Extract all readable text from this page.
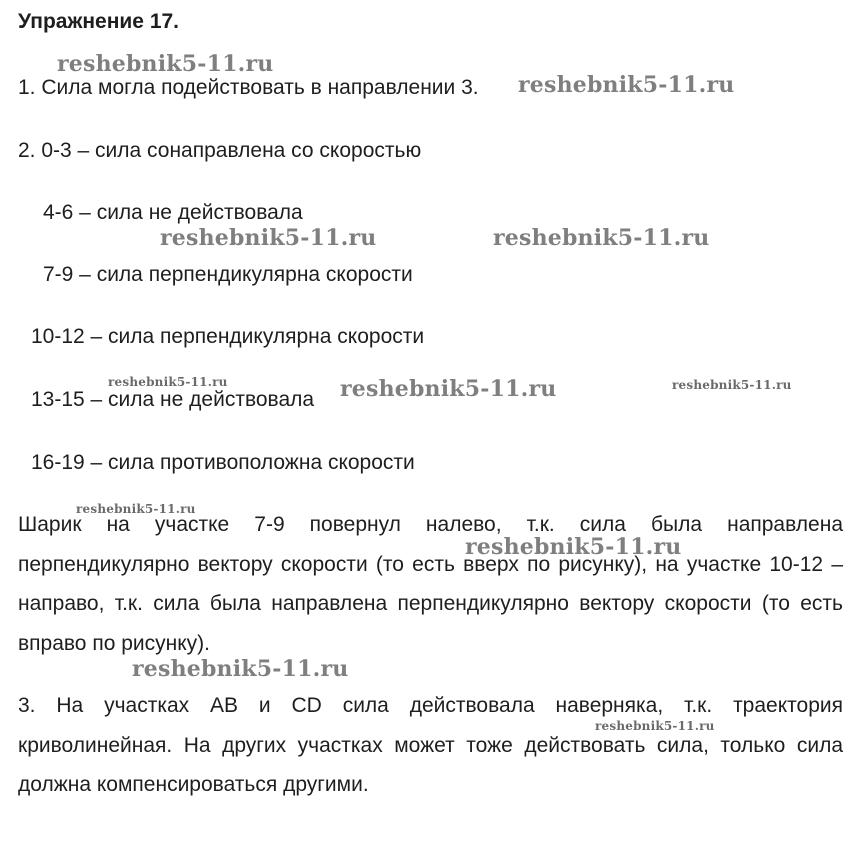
Упражнение 17.
1. Сила могла подействовать в направлении 3.
2. 0-3 – сила сонаправлена со скоростью
4-6 – сила не действовала
7-9 – сила перпендикулярна скорости
10-12 – сила перпендикулярна скорости
13-15 – сила не действовала
16-19 – сила противоположна скорости

Шарик на участке 7-9 повернул налево, т.к. сила была направлена перпендикулярно вектору скорости (то есть вверх по рисунку), на участке 10-12 – направо, т.к. сила была направлена перпендикулярно вектору скорости (то есть вправо по рисунку).

3. На участках AB и CD сила действовала наверняка, т.к. траектория криволинейная. На других участках может тоже действовать сила, только сила должна компенсироваться другими.

reshebnik5-11.ru
reshebnik5-11.ru
reshebnik5-11.ru	reshebnik5-11.ru
reshebnik5-11.ru	reshebnik5-11.ru	reshebnik5-11.ru
reshebnik5-11.ru
reshebnik5-11.ru
reshebnik5-11.ru
reshebnik5-11.ru
